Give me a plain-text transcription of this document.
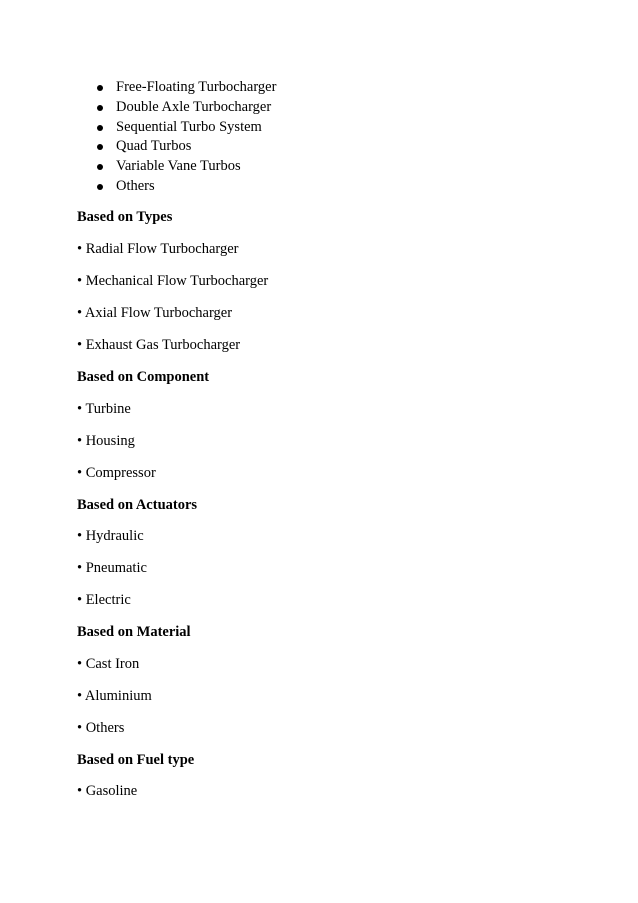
Free-Floating Turbocharger
Double Axle Turbocharger
Sequential Turbo System
Quad Turbos
Variable Vane Turbos
Others

Based on Types

• Radial Flow Turbocharger

• Mechanical Flow Turbocharger

• Axial Flow Turbocharger

• Exhaust Gas Turbocharger

Based on Component

• Turbine

• Housing

• Compressor

Based on Actuators

• Hydraulic

• Pneumatic

• Electric

Based on Material

• Cast Iron

• Aluminium

• Others

Based on Fuel type

• Gasoline
